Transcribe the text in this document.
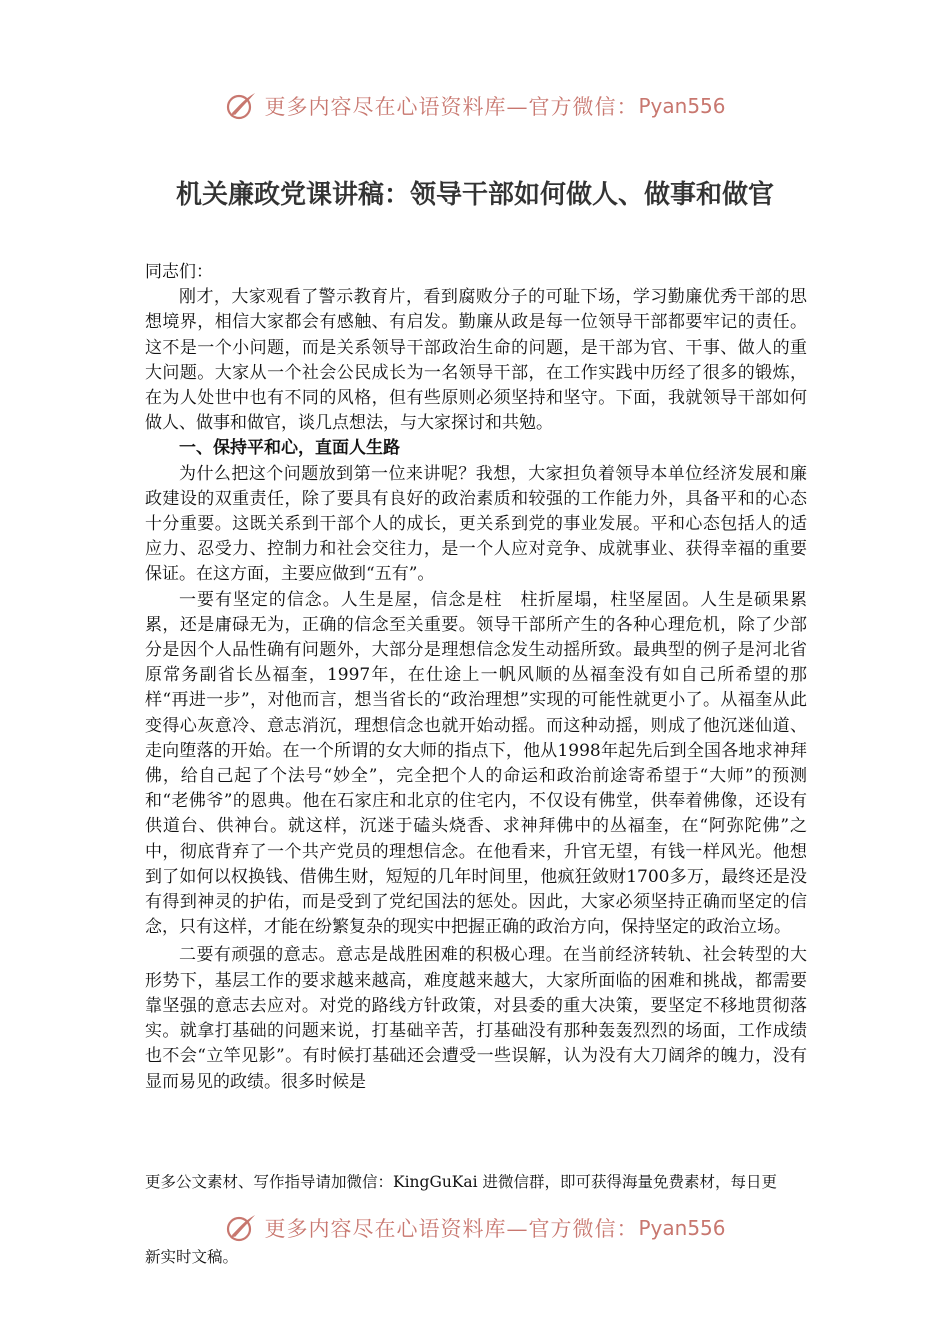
更多内容尽在心语资料库—官方微信： Pyan556
机关廉政党课讲稿：领导干部如何做人、做事和做官

同志们：

刚才，大家观看了警示教育片，看到腐败分子的可耻下场，学习勤廉优秀干部的思想境界，相信大家都会有感触、有启发。勤廉从政是每一位领导干部都要牢记的责任。这不是一个小问题，而是关系领导干部政治生命的问题，是干部为官、干事、做人的重大问题。大家从一个社会公民成长为一名领导干部，在工作实践中历经了很多的锻炼，在为人处世中也有不同的风格，但有些原则必须坚持和坚守。下面，我就领导干部如何做人、做事和做官，谈几点想法，与大家探讨和共勉。

一、保持平和心，直面人生路

为什么把这个问题放到第一位来讲呢？我想，大家担负着领导本单位经济发展和廉政建设的双重责任，除了要具有良好的政治素质和较强的工作能力外，具备平和的心态十分重要。这既关系到干部个人的成长，更关系到党的事业发展。平和心态包括人的适应力、忍受力、控制力和社会交往力，是一个人应对竞争、成就事业、获得幸福的重要保证。在这方面，主要应做到“五有”。

一要有坚定的信念。人生是屋，信念是柱　柱折屋塌，柱坚屋固。人生是硕果累累，还是庸碌无为，正确的信念至关重要。领导干部所产生的各种心理危机，除了少部分是因个人品性确有问题外，大部分是理想信念发生动摇所致。最典型的例子是河北省原常务副省长丛福奎，1997年，在仕途上一帆风顺的丛福奎没有如自己所希望的那样“再进一步”，对他而言，想当省长的“政治理想”实现的可能性就更小了。从福奎从此变得心灰意冷、意志消沉，理想信念也就开始动摇。而这种动摇，则成了他沉迷仙道、走向堕落的开始。在一个所谓的女大师的指点下，他从1998年起先后到全国各地求神拜佛，给自己起了个法号“妙全”，完全把个人的命运和政治前途寄希望于“大师”的预测和“老佛爷”的恩典。他在石家庄和北京的住宅内，不仅设有佛堂，供奉着佛像，还设有供道台、供神台。就这样，沉迷于磕头烧香、求神拜佛中的丛福奎，在“阿弥陀佛”之中，彻底背弃了一个共产党员的理想信念。在他看来，升官无望，有钱一样风光。他想到了如何以权换钱、借佛生财，短短的几年时间里，他疯狂敛财1700多万，最终还是没有得到神灵的护佑，而是受到了党纪国法的惩处。因此，大家必须坚持正确而坚定的信念，只有这样，才能在纷繁复杂的现实中把握正确的政治方向，保持坚定的政治立场。

二要有顽强的意志。意志是战胜困难的积极心理。在当前经济转轨、社会转型的大形势下，基层工作的要求越来越高，难度越来越大，大家所面临的困难和挑战，都需要靠坚强的意志去应对。对党的路线方针政策，对县委的重大决策，要坚定不移地贯彻落实。就拿打基础的问题来说，打基础辛苦，打基础没有那种轰轰烈烈的场面，工作成绩也不会“立竿见影”。有时候打基础还会遭受一些误解，认为没有大刀阔斧的魄力，没有显而易见的政绩。很多时候是

更多公文素材、写作指导请加微信：KingGuKai 进微信群，即可获得海量免费素材，每日更
更多内容尽在心语资料库—官方微信： Pyan556
新实时文稿。
